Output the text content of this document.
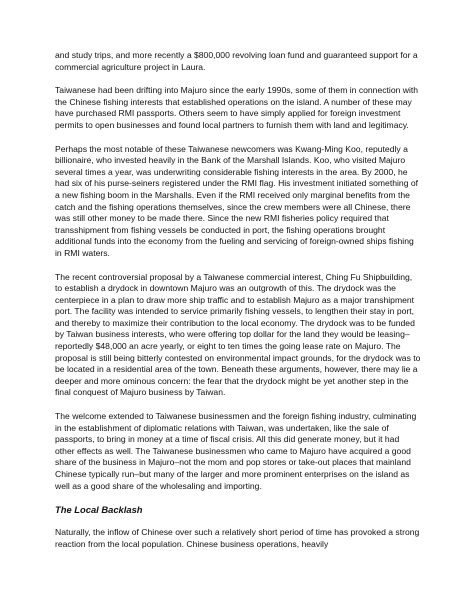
and study trips, and more recently a $800,000 revolving loan fund and guaranteed support for a commercial agriculture project in Laura.

Taiwanese had been drifting into Majuro since the early 1990s, some of them in connection with the Chinese fishing interests that established operations on the island. A number of these may have purchased RMI passports. Others seem to have simply applied for foreign investment permits to open businesses and found local partners to furnish them with land and legitimacy.

Perhaps the most notable of these Taiwanese newcomers was Kwang-Ming Koo, reputedly a billionaire, who invested heavily in the Bank of the Marshall Islands. Koo, who visited Majuro several times a year, was underwriting considerable fishing interests in the area. By 2000, he had six of his purse-seiners registered under the RMI flag. His investment initiated something of a new fishing boom in the Marshalls. Even if the RMI received only marginal benefits from the catch and the fishing operations themselves, since the crew members were all Chinese, there was still other money to be made there. Since the new RMI fisheries policy required that transshipment from fishing vessels be conducted in port, the fishing operations brought additional funds into the economy from the fueling and servicing of foreign-owned ships fishing in RMI waters.

The recent controversial proposal by a Taiwanese commercial interest, Ching Fu Shipbuilding, to establish a drydock in downtown Majuro was an outgrowth of this. The drydock was the centerpiece in a plan to draw more ship traffic and to establish Majuro as a major transhipment port. The facility was intended to service primarily fishing vessels, to lengthen their stay in port, and thereby to maximize their contribution to the local economy. The drydock was to be funded by Taiwan business interests, who were offering top dollar for the land they would be leasing–reportedly $48,000 an acre yearly, or eight to ten times the going lease rate on Majuro. The proposal is still being bitterly contested on environmental impact grounds, for the drydock was to be located in a residential area of the town. Beneath these arguments, however, there may lie a deeper and more ominous concern: the fear that the drydock might be yet another step in the final conquest of Majuro business by Taiwan.

The welcome extended to Taiwanese businessmen and the foreign fishing industry, culminating in the establishment of diplomatic relations with Taiwan, was undertaken, like the sale of passports, to bring in money at a time of fiscal crisis. All this did generate money, but it had other effects as well. The Taiwanese businessmen who came to Majuro have acquired a good share of the business in Majuro–not the mom and pop stores or take-out places that mainland Chinese typically run–but many of the larger and more prominent enterprises on the island as well as a good share of the wholesaling and importing.

The Local Backlash

Naturally, the inflow of Chinese over such a relatively short period of time has provoked a strong reaction from the local population. Chinese business operations, heavily
